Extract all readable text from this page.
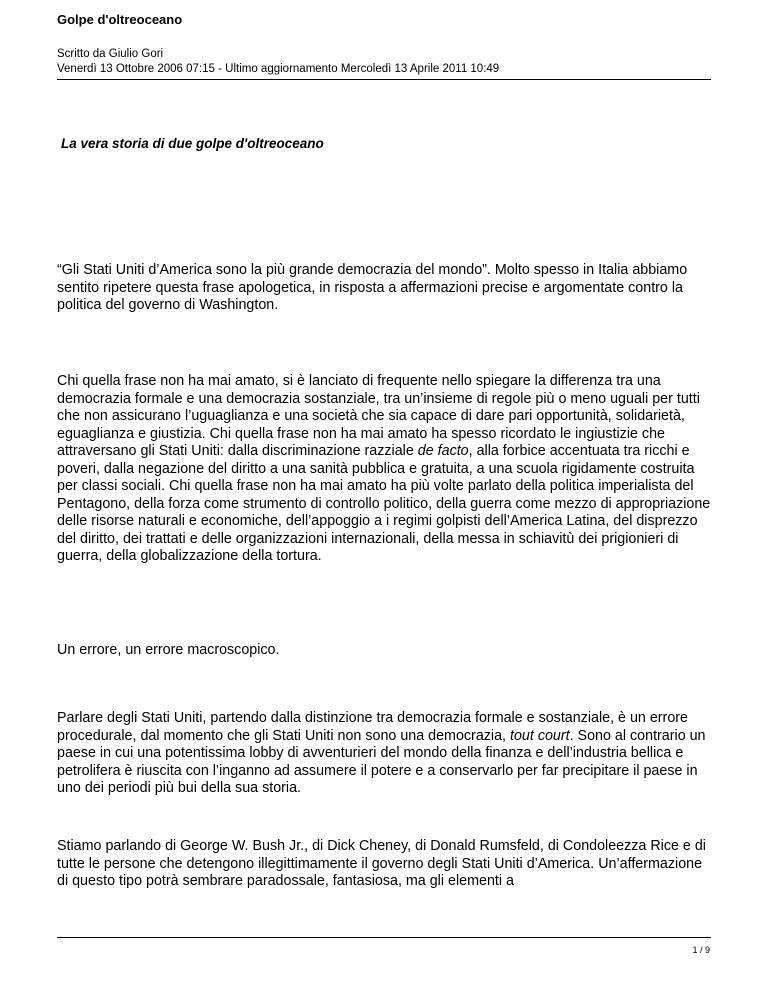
Golpe d'oltreoceano
Scritto da Giulio Gori
Venerdì 13 Ottobre 2006 07:15 - Ultimo aggiornamento Mercoledì 13 Aprile 2011 10:49
La vera storia di due golpe d'oltreoceano

“Gli Stati Uniti d’America sono la più grande democrazia del mondo”. Molto spesso in Italia abbiamo sentito ripetere questa frase apologetica, in risposta a affermazioni precise e argomentate contro la politica del governo di Washington.

Chi quella frase non ha mai amato, si è lanciato di frequente nello spiegare la differenza tra una democrazia formale e una democrazia sostanziale, tra un’insieme di regole più o meno uguali per tutti che non assicurano l’uguaglianza e una società che sia capace di dare pari opportunità, solidarietà, eguaglianza e giustizia. Chi quella frase non ha mai amato ha spesso ricordato le ingiustizie che attraversano gli Stati Uniti: dalla discriminazione razziale de facto, alla forbice accentuata tra ricchi e poveri, dalla negazione del diritto a una sanità pubblica e gratuita, a una scuola rigidamente costruita per classi sociali. Chi quella frase non ha mai amato ha più volte parlato della politica imperialista del Pentagono, della forza come strumento di controllo politico, della guerra come mezzo di appropriazione delle risorse naturali e economiche, dell’appoggio a i regimi golpisti dell’America Latina, del disprezzo del diritto, dei trattati e delle organizzazioni internazionali, della messa in schiavitù dei prigionieri di guerra, della globalizzazione della tortura.

Un errore, un errore macroscopico.

Parlare degli Stati Uniti, partendo dalla distinzione tra democrazia formale e sostanziale, è un errore procedurale, dal momento che gli Stati Uniti non sono una democrazia, tout court. Sono al contrario un paese in cui una potentissima lobby di avventurieri del mondo della finanza e dell’industria bellica e petrolifera è riuscita con l’inganno ad assumere il potere e a conservarlo per far precipitare il paese in uno dei periodi più bui della sua storia.

Stiamo parlando di George W. Bush Jr., di Dick Cheney, di Donald Rumsfeld, di Condoleezza Rice e di tutte le persone che detengono illegittimamente il governo degli Stati Uniti d’America. Un’affermazione di questo tipo potrà sembrare paradossale, fantasiosa, ma gli elementi a

1 / 9
